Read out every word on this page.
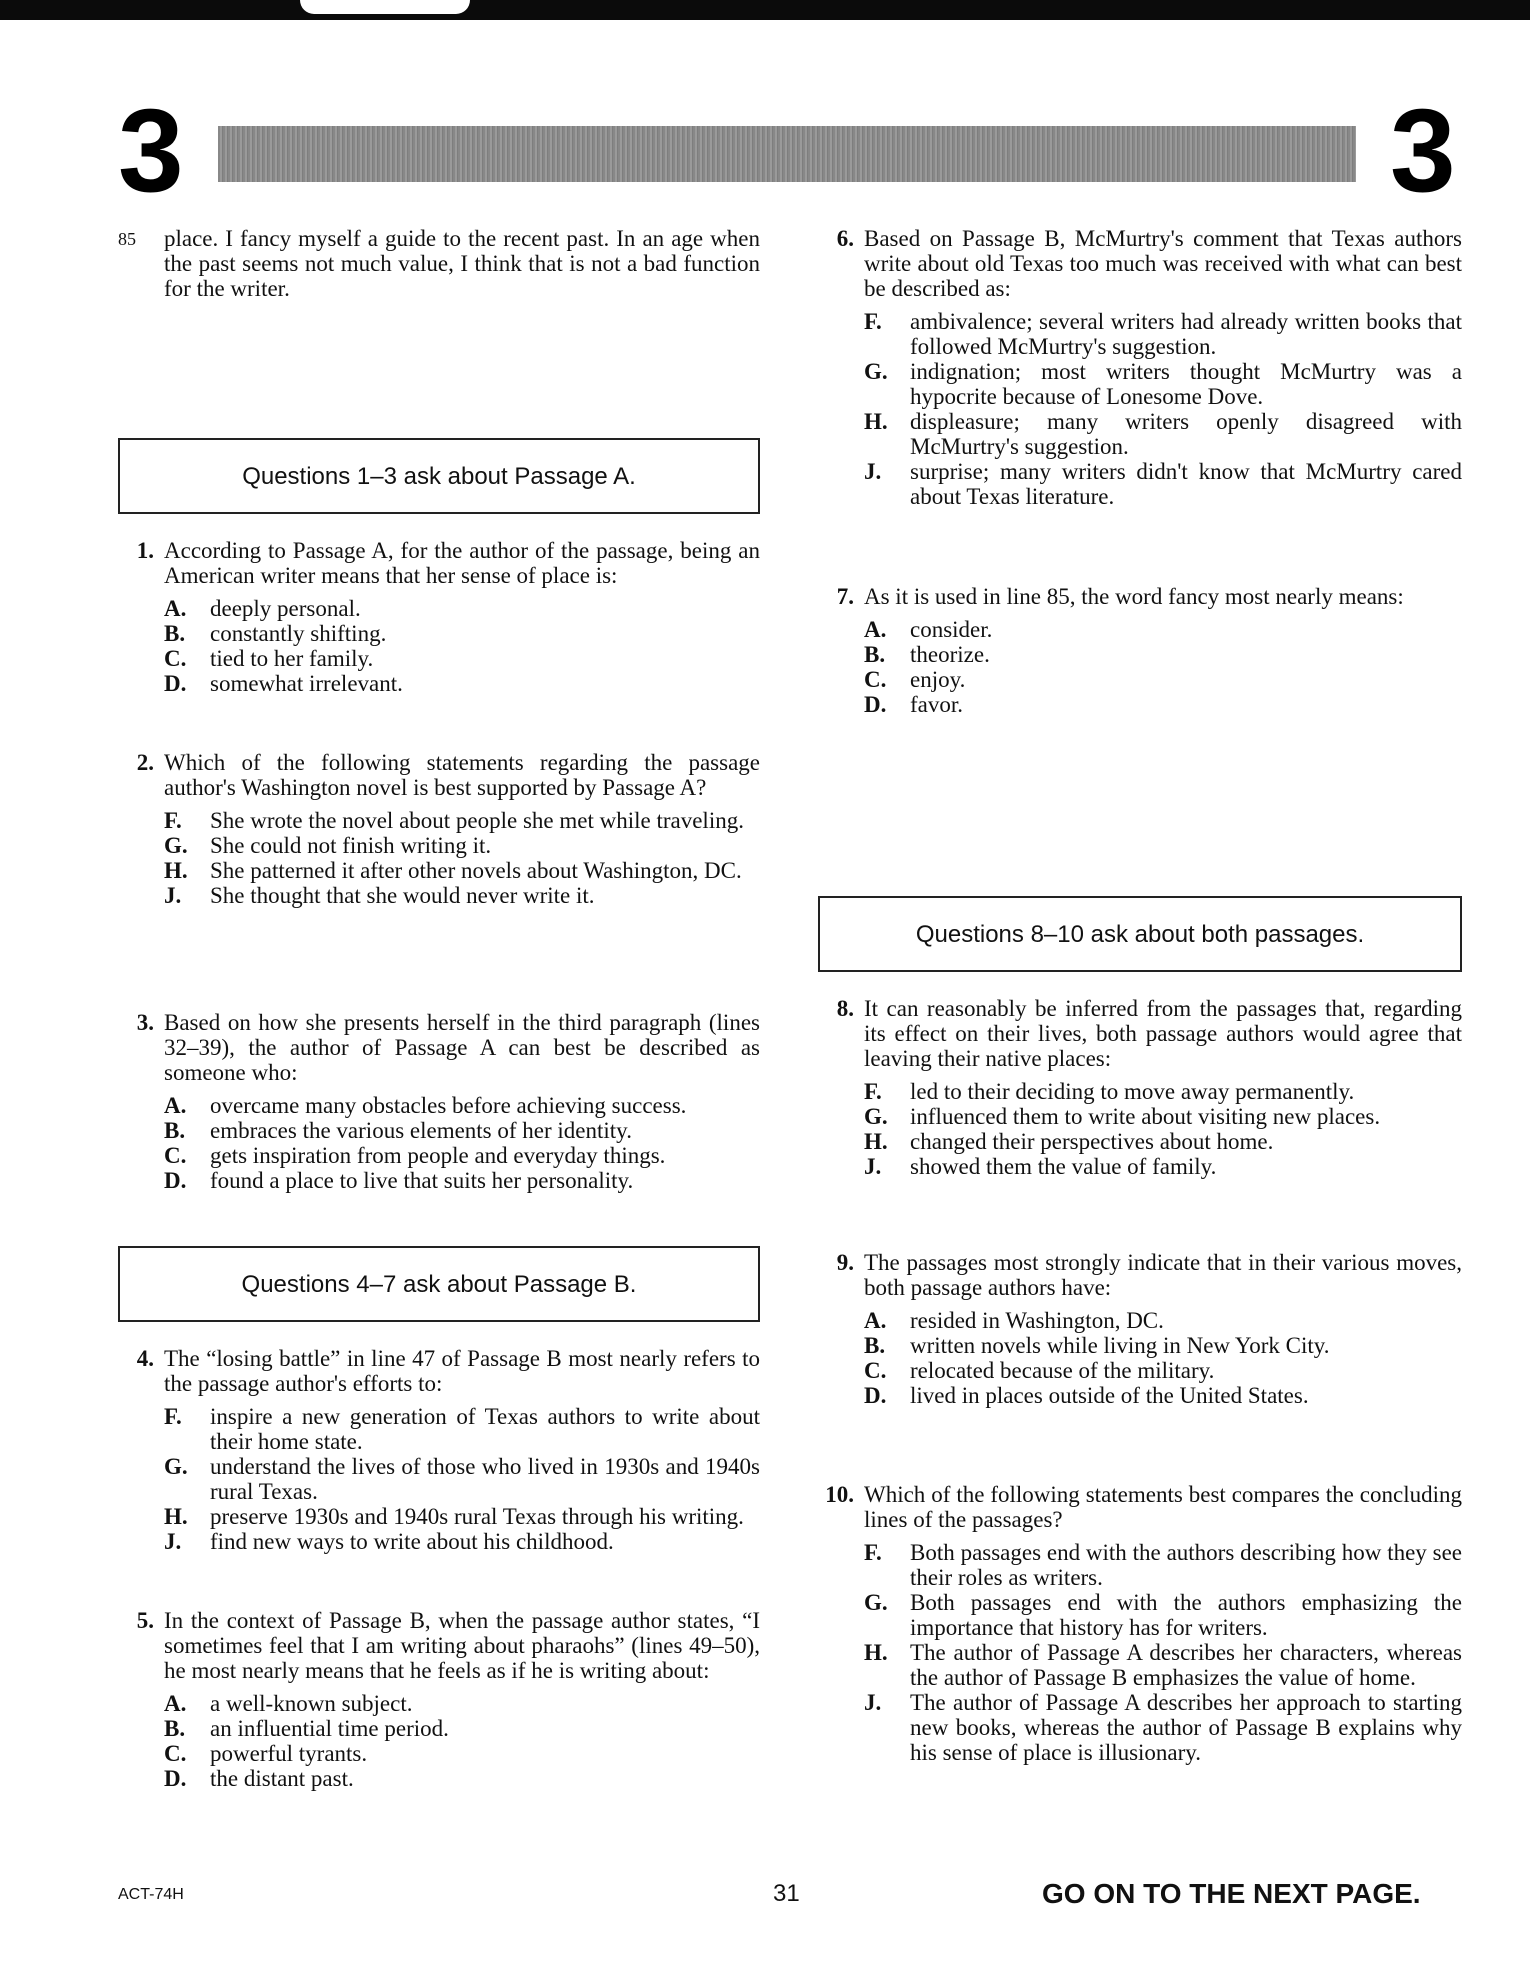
3	3
85 place. I fancy myself a guide to the recent past. In an age when the past seems not much value, I think that is not a bad function for the writer.
Questions 1–3 ask about Passage A.
1. According to Passage A, for the author of the passage, being an American writer means that her sense of place is:
A.	deeply personal.
B.	constantly shifting.
C.	tied to her family.
D.	somewhat irrelevant.
2. Which of the following statements regarding the passage author's Washington novel is best supported by Passage A?
F.	She wrote the novel about people she met while traveling.
G. She could not finish writing it.
H. She patterned it after other novels about Washington, DC.
J.	She thought that she would never write it.
3. Based on how she presents herself in the third paragraph (lines 32–39), the author of Passage A can best be described as someone who:
A.	overcame many obstacles before achieving success.
B.	embraces the various elements of her identity.
C.	gets inspiration from people and everyday things.
D.	found a place to live that suits her personality.
Questions 4–7 ask about Passage B.
4. The “losing battle” in line 47 of Passage B most nearly refers to the passage author's efforts to:
F.	inspire a new generation of Texas authors to write about their home state.
G. understand the lives of those who lived in 1930s and 1940s rural Texas.
H. preserve 1930s and 1940s rural Texas through his writing.
J.	find new ways to write about his childhood.
5. In the context of Passage B, when the passage author states, “I sometimes feel that I am writing about pharaohs” (lines 49–50), he most nearly means that he feels as if he is writing about:
A.	a well-known subject.
B.	an influential time period.
C.	powerful tyrants.
D.	the distant past.
6. Based on Passage B, McMurtry's comment that Texas authors write about old Texas too much was received with what can best be described as:
F.	ambivalence; several writers had already written books that followed McMurtry's suggestion.
G. indignation; most writers thought McMurtry was a hypocrite because of Lonesome Dove.
H. displeasure; many writers openly disagreed with McMurtry's suggestion.
J.	surprise; many writers didn't know that McMurtry cared about Texas literature.
7. As it is used in line 85, the word fancy most nearly means:
A.	consider.
B.	theorize.
C.	enjoy.
D.	favor.
Questions 8–10 ask about both passages.
8. It can reasonably be inferred from the passages that, regarding its effect on their lives, both passage authors would agree that leaving their native places:
F.	led to their deciding to move away permanently.
G. influenced them to write about visiting new places.
H. changed their perspectives about home.
J.	showed them the value of family.
9. The passages most strongly indicate that in their various moves, both passage authors have:
A.	resided in Washington, DC.
B.	written novels while living in New York City.
C.	relocated because of the military.
D.	lived in places outside of the United States.
10. Which of the following statements best compares the concluding lines of the passages?
F.	Both passages end with the authors describing how they see their roles as writers.
G. Both passages end with the authors emphasizing the importance that history has for writers.
H. The author of Passage A describes her characters, whereas the author of Passage B emphasizes the value of home.
J.	The author of Passage A describes her approach to starting new books, whereas the author of Passage B explains why his sense of place is illusionary.
ACT-74H	31	GO ON TO THE NEXT PAGE.
